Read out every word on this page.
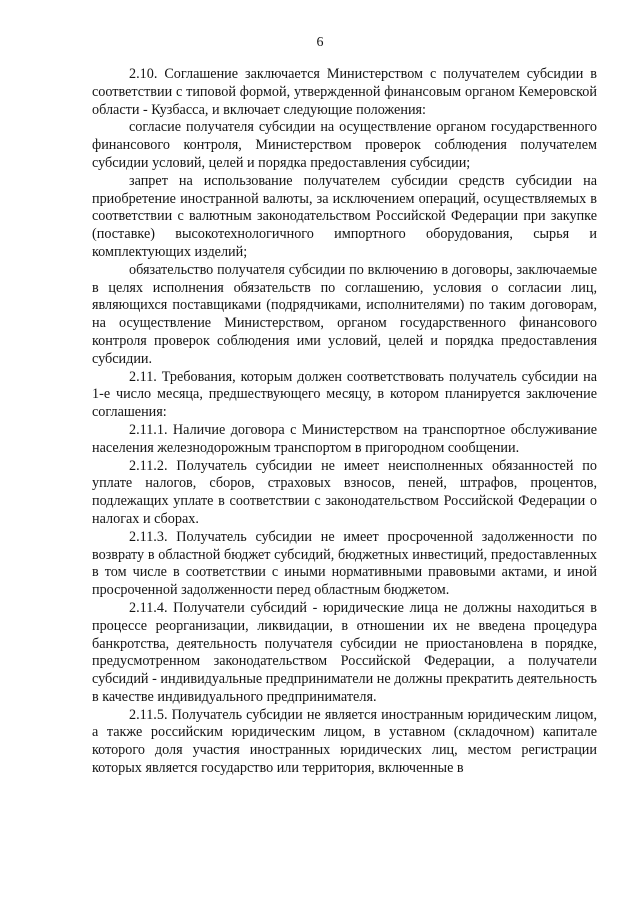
6

2.10. Соглашение заключается Министерством с получателем субсидии в соответствии с типовой формой, утвержденной финансовым органом Кемеровской области - Кузбасса, и включает следующие положения:

согласие получателя субсидии на осуществление органом государственного финансового контроля, Министерством проверок соблюдения получателем субсидии условий, целей и порядка предоставления субсидии;

запрет на использование получателем субсидии средств субсидии на приобретение иностранной валюты, за исключением операций, осуществляемых в соответствии с валютным законодательством Российской Федерации при закупке (поставке) высокотехнологичного импортного оборудования, сырья и комплектующих изделий;

обязательство получателя субсидии по включению в договоры, заключаемые в целях исполнения обязательств по соглашению, условия о согласии лиц, являющихся поставщиками (подрядчиками, исполнителями) по таким договорам, на осуществление Министерством, органом государственного финансового контроля проверок соблюдения ими условий, целей и порядка предоставления субсидии.

2.11. Требования, которым должен соответствовать получатель субсидии на 1-е число месяца, предшествующего месяцу, в котором планируется заключение соглашения:

2.11.1. Наличие договора с Министерством на транспортное обслуживание населения железнодорожным транспортом в пригородном сообщении.

2.11.2. Получатель субсидии не имеет неисполненных обязанностей по уплате налогов, сборов, страховых взносов, пеней, штрафов, процентов, подлежащих уплате в соответствии с законодательством Российской Федерации о налогах и сборах.

2.11.3. Получатель субсидии не имеет просроченной задолженности по возврату в областной бюджет субсидий, бюджетных инвестиций, предоставленных в том числе в соответствии с иными нормативными правовыми актами, и иной просроченной задолженности перед областным бюджетом.

2.11.4. Получатели субсидий - юридические лица не должны находиться в процессе реорганизации, ликвидации, в отношении их не введена процедура банкротства, деятельность получателя субсидии не приостановлена в порядке, предусмотренном законодательством Российской Федерации, а получатели субсидий - индивидуальные предприниматели не должны прекратить деятельность в качестве индивидуального предпринимателя.

2.11.5. Получатель субсидии не является иностранным юридическим лицом, а также российским юридическим лицом, в уставном (складочном) капитале которого доля участия иностранных юридических лиц, местом регистрации которых является государство или территория, включенные в
